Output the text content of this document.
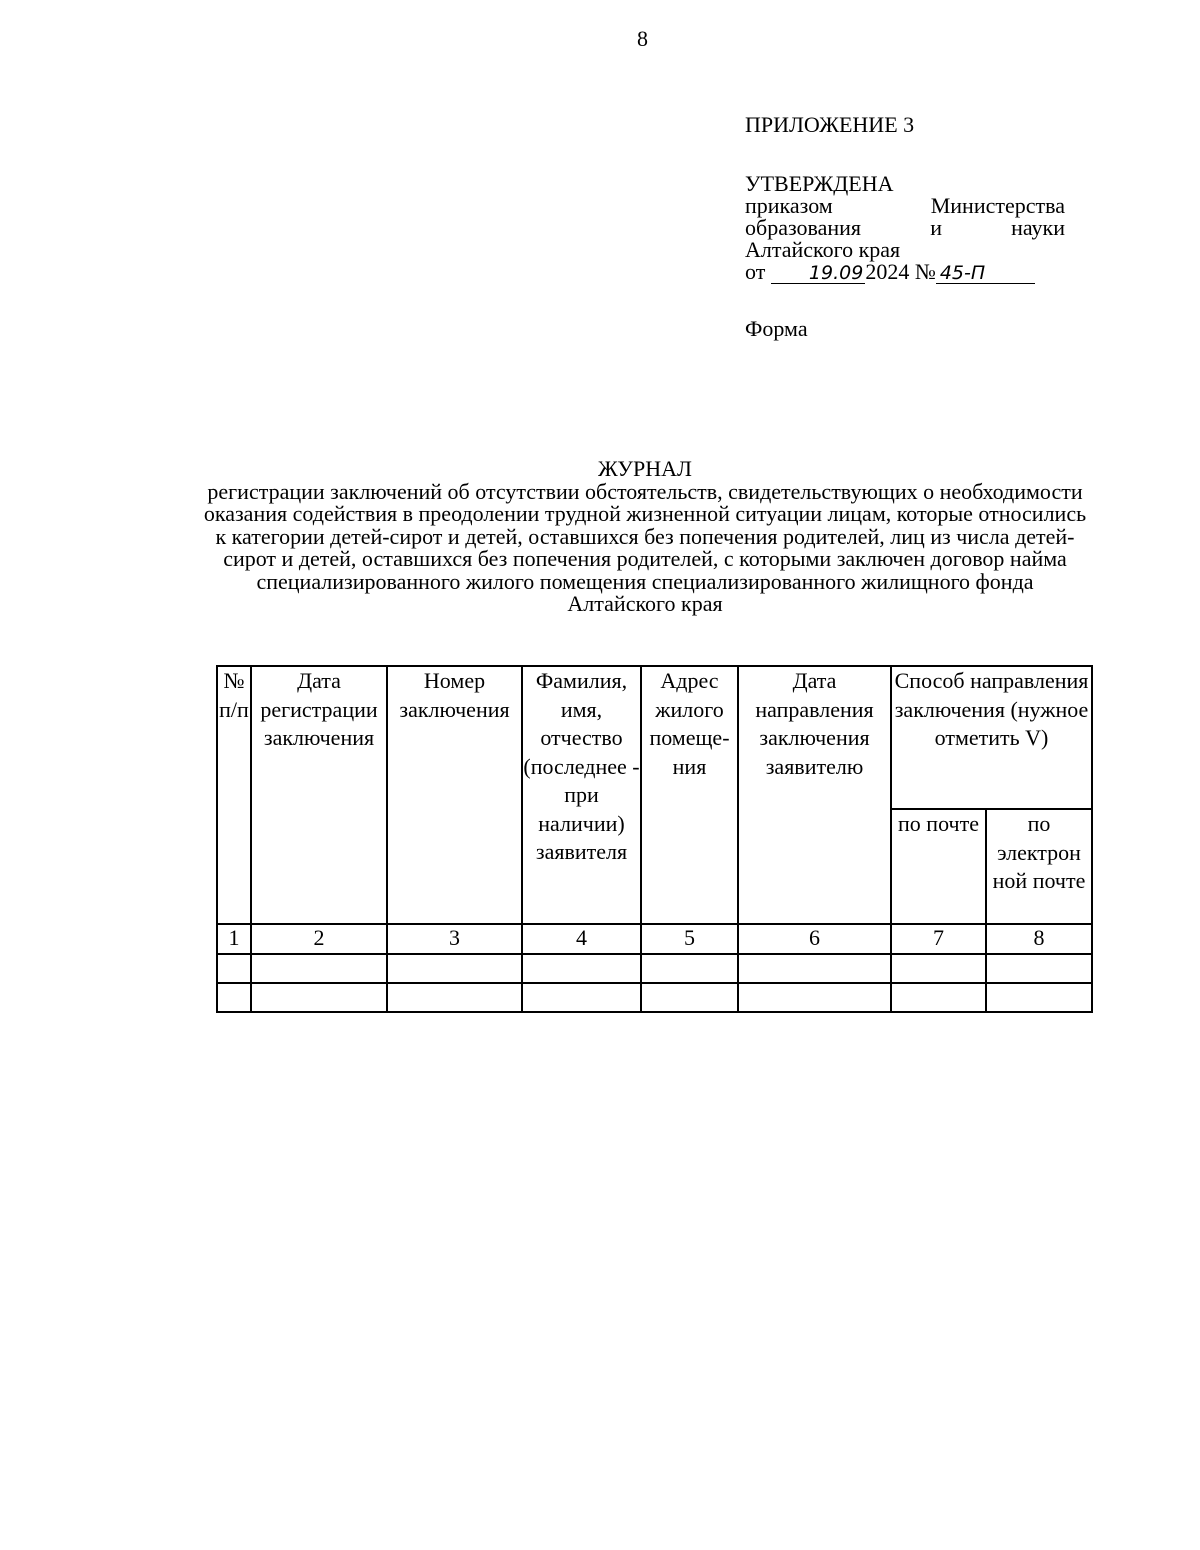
8
ПРИЛОЖЕНИЕ 3
УТВЕРЖДЕНА
приказом	Министерства
образования	и	науки
Алтайского края
от	19.09 2024 № 45-П
Форма
ЖУРНАЛ
регистрации заключений об отсутствии обстоятельств, свидетельствующих о необходимости оказания содействия в преодолении трудной жизненной ситуации лицам, которые относились к категории детей-сирот и детей, оставшихся без попечения родителей, лиц из числа детей-сирот и детей, оставшихся без попечения родителей, с которыми заключен договор найма специализированного жилого помещения специализированного жилищного фонда Алтайского края
№ п/п	Дата регистрации заключения	Номер заключения	Фамилия, имя, отчество (последнее - при наличии) заявителя	Адрес жилого помеще-ния	Дата направления заключения заявителю	Способ направления заключения (нужное отметить V)	
						по почте	по электрон ной почте
1	2	3	4	5	6	7	8
